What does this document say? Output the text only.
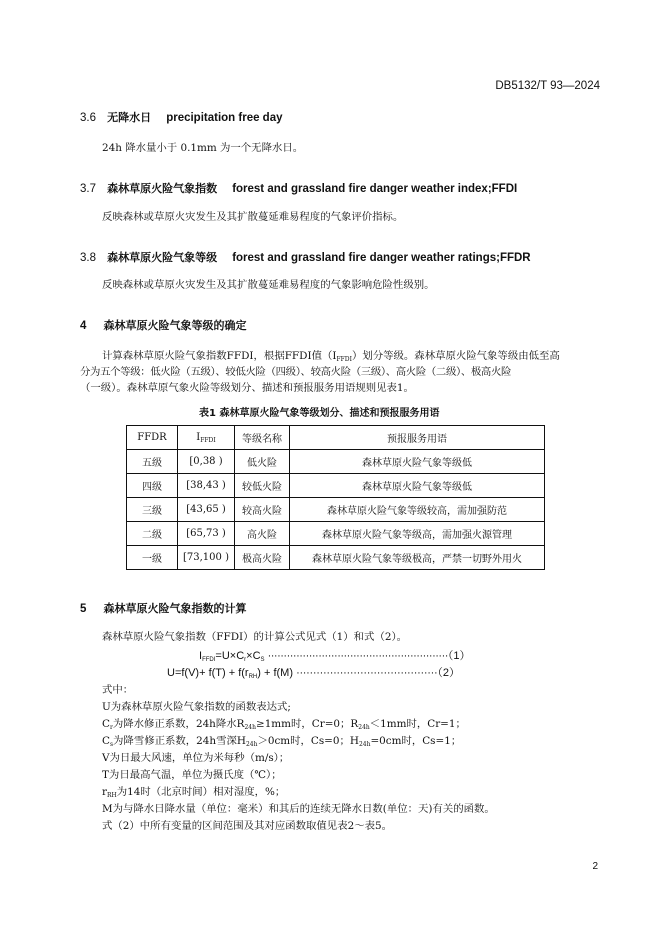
DB5132/T 93—2024
3.6 无降水日 precipitation free day
24h 降水量小于 0.1mm 为一个无降水日。
3.7 森林草原火险气象指数 forest and grassland fire danger weather index;FFDI
反映森林或草原火灾发生及其扩散蔓延难易程度的气象评价指标。
3.8 森林草原火险气象等级 forest and grassland fire danger weather ratings;FFDR
反映森林或草原火灾发生及其扩散蔓延难易程度的气象影响危险性级别。
4 森林草原火险气象等级的确定
计算森林草原火险气象指数FFDI，根据FFDI值（IFFDI）划分等级。森林草原火险气象等级由低至高
分为五个等级：低火险（五级）、较低火险（四级）、较高火险（三级）、高火险（二级）、极高火险
（一级）。森林草原气象火险等级划分、描述和预报服务用语规则见表1。
表1 森林草原火险气象等级划分、描述和预报服务用语
FFDR	$I_{FFDI}$	等级名称	预报服务用语
五级	[0,38 )	低火险	森林草原火险气象等级低
四级	[38,43 )	较低火险	森林草原火险气象等级低
三级	[43,65 )	较高火险	森林草原火险气象等级较高，需加强防范
二级	[65,73 )	高火险	森林草原火险气象等级高，需加强火源管理
一级	[73,100 )	极高火险	森林草原火险气象等级极高，严禁一切野外用火
5 森林草原火险气象指数的计算
森林草原火险气象指数（FFDI）的计算公式见式（1）和式（2）。
IFFDI=U×Cr×CS ·························································（1）
U=f(V)+ f(T) + f(rRH) + f(M) ··········································（2）
式中：
U为森林草原火险气象指数的函数表达式;
Cr为降水修正系数，24h降水R24h≥1mm时，Cr=0；R24h＜1mm时，Cr=1；
Cs为降雪修正系数，24h雪深H24h＞0cm时，Cs=0；H24h=0cm时，Cs=1；
V为日最大风速，单位为米每秒（m/s）；
T为日最高气温，单位为摄氏度（℃）；
rRH为14时（北京时间）相对湿度，%；
M为与降水日降水量（单位：毫米）和其后的连续无降水日数(单位：天)有关的函数。
式（2）中所有变量的区间范围及其对应函数取值见表2～表5。
2
